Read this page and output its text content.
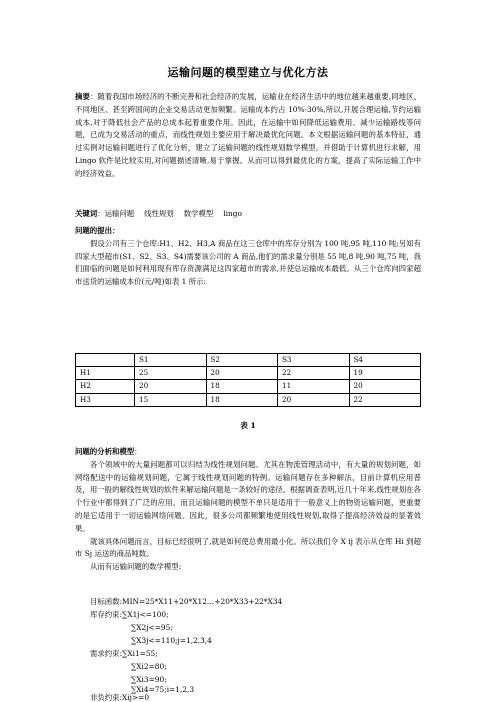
运输问题的模型建立与优化方法

摘要：随着我国市场经济的不断完善和社会经济的发展，运输业在经济生活中的地位越来越重要,同地区、不同地区、甚至跨国间的企业交易活动更加频繁。运输成本约占 10%-30%,所以,开展合理运输,节约运输成本,对于降低社会产品的总成本起着重要作用。因此，在运输中如何降低运输费用、减少运输路线等问题，已成为交易活动的重点，而线性规划主要应用于解决最优化问题。本文根据运输问题的基本特征，通过实例对运输问题进行了优化分析，建立了运输问题的线性规划数学模型，并借助于计算机进行求解，用 Lingo 软件是比较实用,对问题描述清晰,易于掌握。从而可以得到最优化的方案，提高了实际运输工作中的经济效益。

关键词：运输问题 线性规划 数学模型 lingo

问题的提出：

假设公司有三个仓库:H1、H2、H3,A 商品在这三仓库中的库存分别为 100 吨,95 吨,110 吨;另知有四家大型超市(S1、S2、S3、S4)需要该公司的 A 商品,他们的需求量分别是 55 吨,8 吨,90 吨,75 吨，我们面临的问题是如何利用现有库存资源满足这四家超市的需求,并使总运输成本最低。从三个仓库向四家超市送货的运输成本价(元/吨)如表 1 所示:

	S1	S2	S3	S4
H1	25	20	22	19
H2	20	18	11	20
H3	15	18	20	22
表 1

问题的分析和模型：

各个领域中的大量问题都可以归结为线性规划问题。尤其在物流管理活动中，有大量的规划问题，如网络配送中的运输规划问题，它属于线性规划问题的特例。运输问题存在多种解法，目前计算机应用普及，用一般的解线性规划的软件来解运输问题是一条较好的途径。根据调查表明,近几十年来,线性规划在各个行业中都得到了广泛的应用，而且运输问题的模型不单只是适用于一般意义上的物资运输问题，更重要的是它适用于一切运输网络问题。因此，很多公司都频繁地使用线性规划,取得了提高经济效益的显著效果。

就该具体问题而言，目标已经很明了,就是如何使总费用最小化。所以我们令 X ij 表示从仓库 Hi 到超市 Sj 运送的商品吨数。

从而有运输问题的数学模型:

目标函数:MIN=25*X11+20*X12…+20*X33+22*X34
库存约束:∑X1j<=100;
∑X2j<=95;
∑X3j<=110;j=1,2,3,4
需求约束:∑Xi1=55;
∑Xi2=80;
∑Xi3=90;
∑Xi4=75;i=1,2,3
非负约束:Xij>=0
